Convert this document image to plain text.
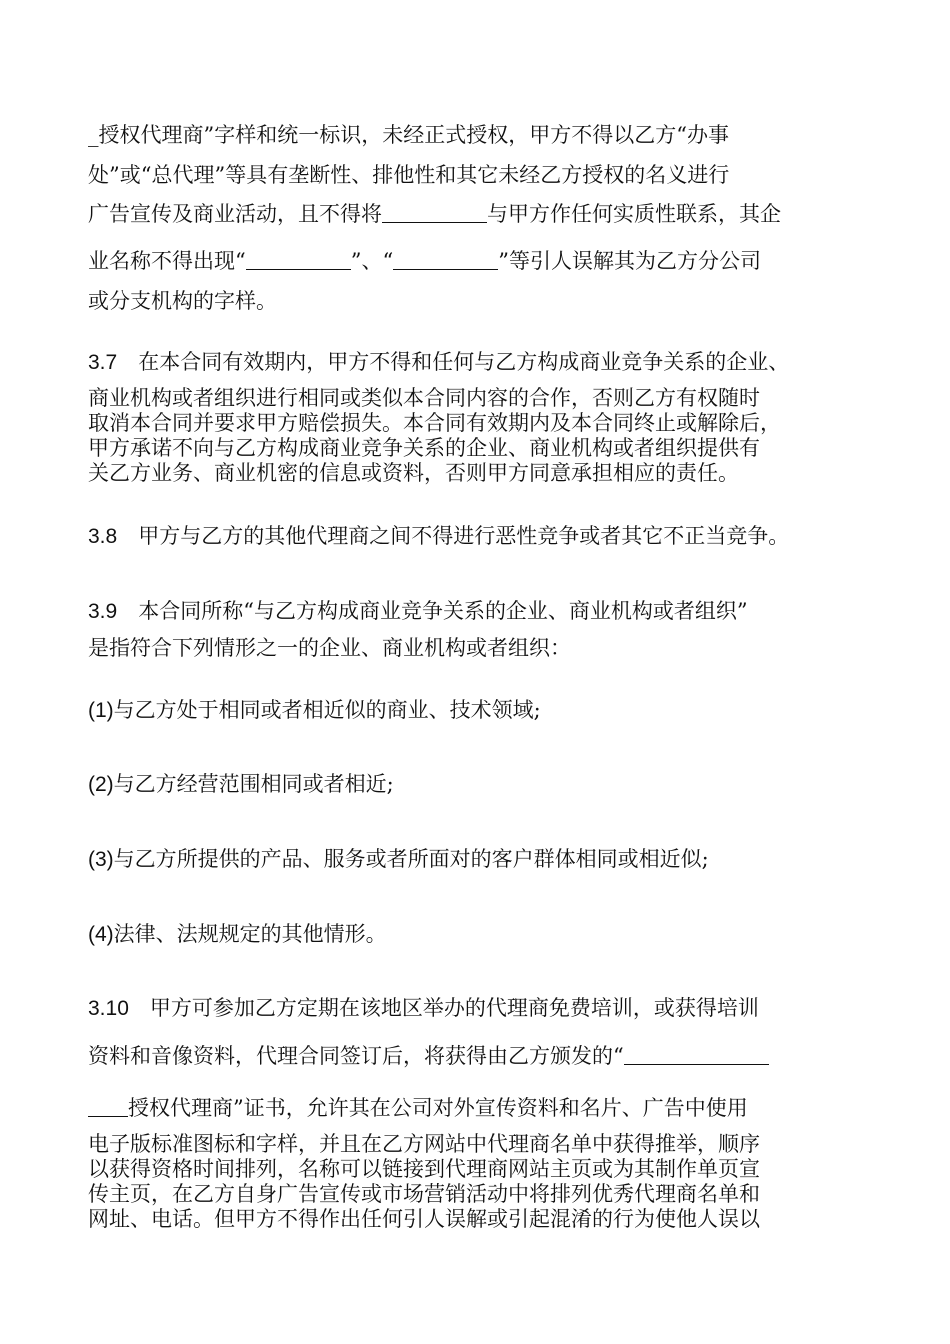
_授权代理商”字样和统一标识，未经正式授权，甲方不得以乙方“办事
处”或“总代理”等具有垄断性、排他性和其它未经乙方授权的名义进行
广告宣传及商业活动，且不得将	与甲方作任何实质性联系，其企
业名称不得出现“	”、“	”等引人误解其为乙方分公司
或分支机构的字样。
3.7  在本合同有效期内，甲方不得和任何与乙方构成商业竞争关系的企业、
商业机构或者组织进行相同或类似本合同内容的合作，否则乙方有权随时
取消本合同并要求甲方赔偿损失。本合同有效期内及本合同终止或解除后，
甲方承诺不向与乙方构成商业竞争关系的企业、商业机构或者组织提供有
关乙方业务、商业机密的信息或资料，否则甲方同意承担相应的责任。
3.8  甲方与乙方的其他代理商之间不得进行恶性竞争或者其它不正当竞争。
3.9  本合同所称“与乙方构成商业竞争关系的企业、商业机构或者组织”
是指符合下列情形之一的企业、商业机构或者组织：
(1)与乙方处于相同或者相近似的商业、技术领域;
(2)与乙方经营范围相同或者相近;
(3)与乙方所提供的产品、服务或者所面对的客户群体相同或相近似;
(4)法律、法规规定的其他情形。
3.10  甲方可参加乙方定期在该地区举办的代理商免费培训，或获得培训
资料和音像资料，代理合同签订后，将获得由乙方颁发的“
授权代理商”证书，允许其在公司对外宣传资料和名片、广告中使用
电子版标准图标和字样，并且在乙方网站中代理商名单中获得推举，顺序
以获得资格时间排列，名称可以链接到代理商网站主页或为其制作单页宣
传主页，在乙方自身广告宣传或市场营销活动中将排列优秀代理商名单和
网址、电话。但甲方不得作出任何引人误解或引起混淆的行为使他人误以
